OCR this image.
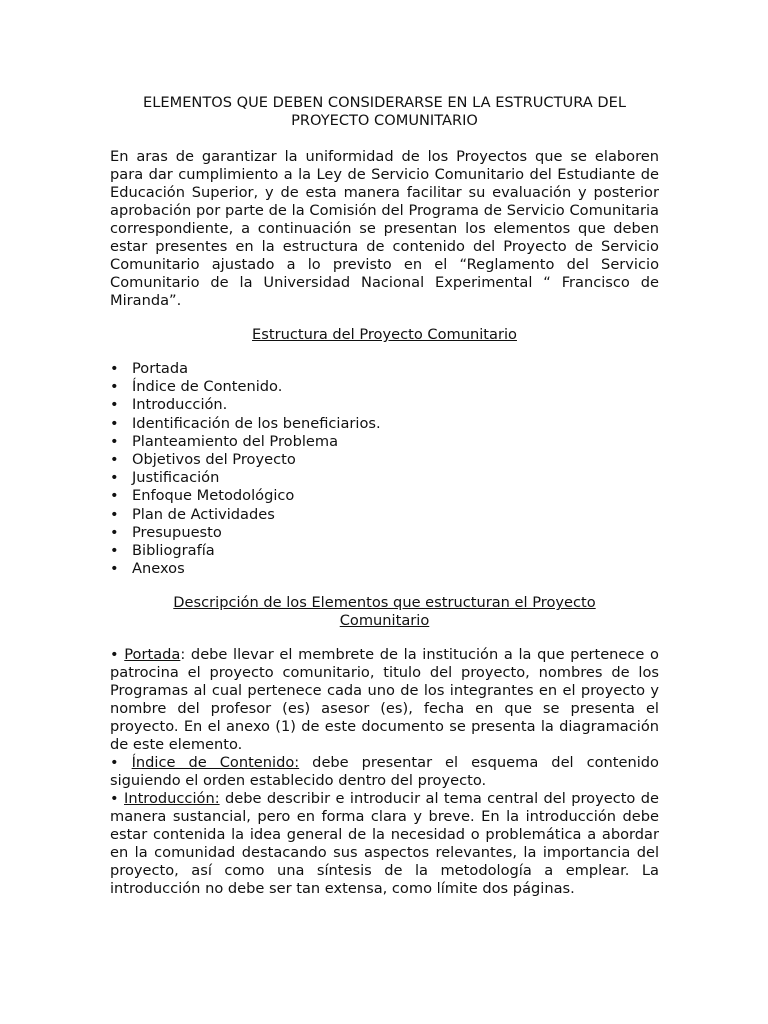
ELEMENTOS QUE DEBEN CONSIDERARSE EN LA ESTRUCTURA DEL
PROYECTO COMUNITARIO

En aras de garantizar la uniformidad de los Proyectos que se elaboren para dar cumplimiento a la Ley de Servicio Comunitario del Estudiante de Educación Superior, y de esta manera facilitar su evaluación y posterior aprobación por parte de la Comisión del Programa de Servicio Comunitaria correspondiente, a continuación se presentan los elementos que deben estar presentes en la estructura de contenido del Proyecto de Servicio Comunitario ajustado a lo previsto en el “Reglamento del Servicio Comunitario de la Universidad Nacional Experimental “ Francisco de Miranda”.

Estructura del Proyecto Comunitario
• Portada
• Índice de Contenido.
• Introducción.
• Identificación de los beneficiarios.
• Planteamiento del Problema
• Objetivos del Proyecto
• Justificación
• Enfoque Metodológico
• Plan de Actividades
• Presupuesto
• Bibliografía
• Anexos
Descripción de los Elementos que estructuran el Proyecto
Comunitario

• Portada: debe llevar el membrete de la institución a la que pertenece o patrocina el proyecto comunitario, titulo del proyecto, nombres de los Programas al cual pertenece cada uno de los integrantes en el proyecto y nombre del profesor (es) asesor (es), fecha en que se presenta el proyecto. En el anexo (1) de este documento se presenta la diagramación de este elemento.

• Índice de Contenido: debe presentar el esquema del contenido siguiendo el orden establecido dentro del proyecto.

• Introducción: debe describir e introducir al tema central del proyecto de manera sustancial, pero en forma clara y breve. En la introducción debe estar contenida la idea general de la necesidad o problemática a abordar en la comunidad destacando sus aspectos relevantes, la importancia del proyecto, así como una síntesis de la metodología a emplear. La introducción no debe ser tan extensa, como límite dos páginas.
